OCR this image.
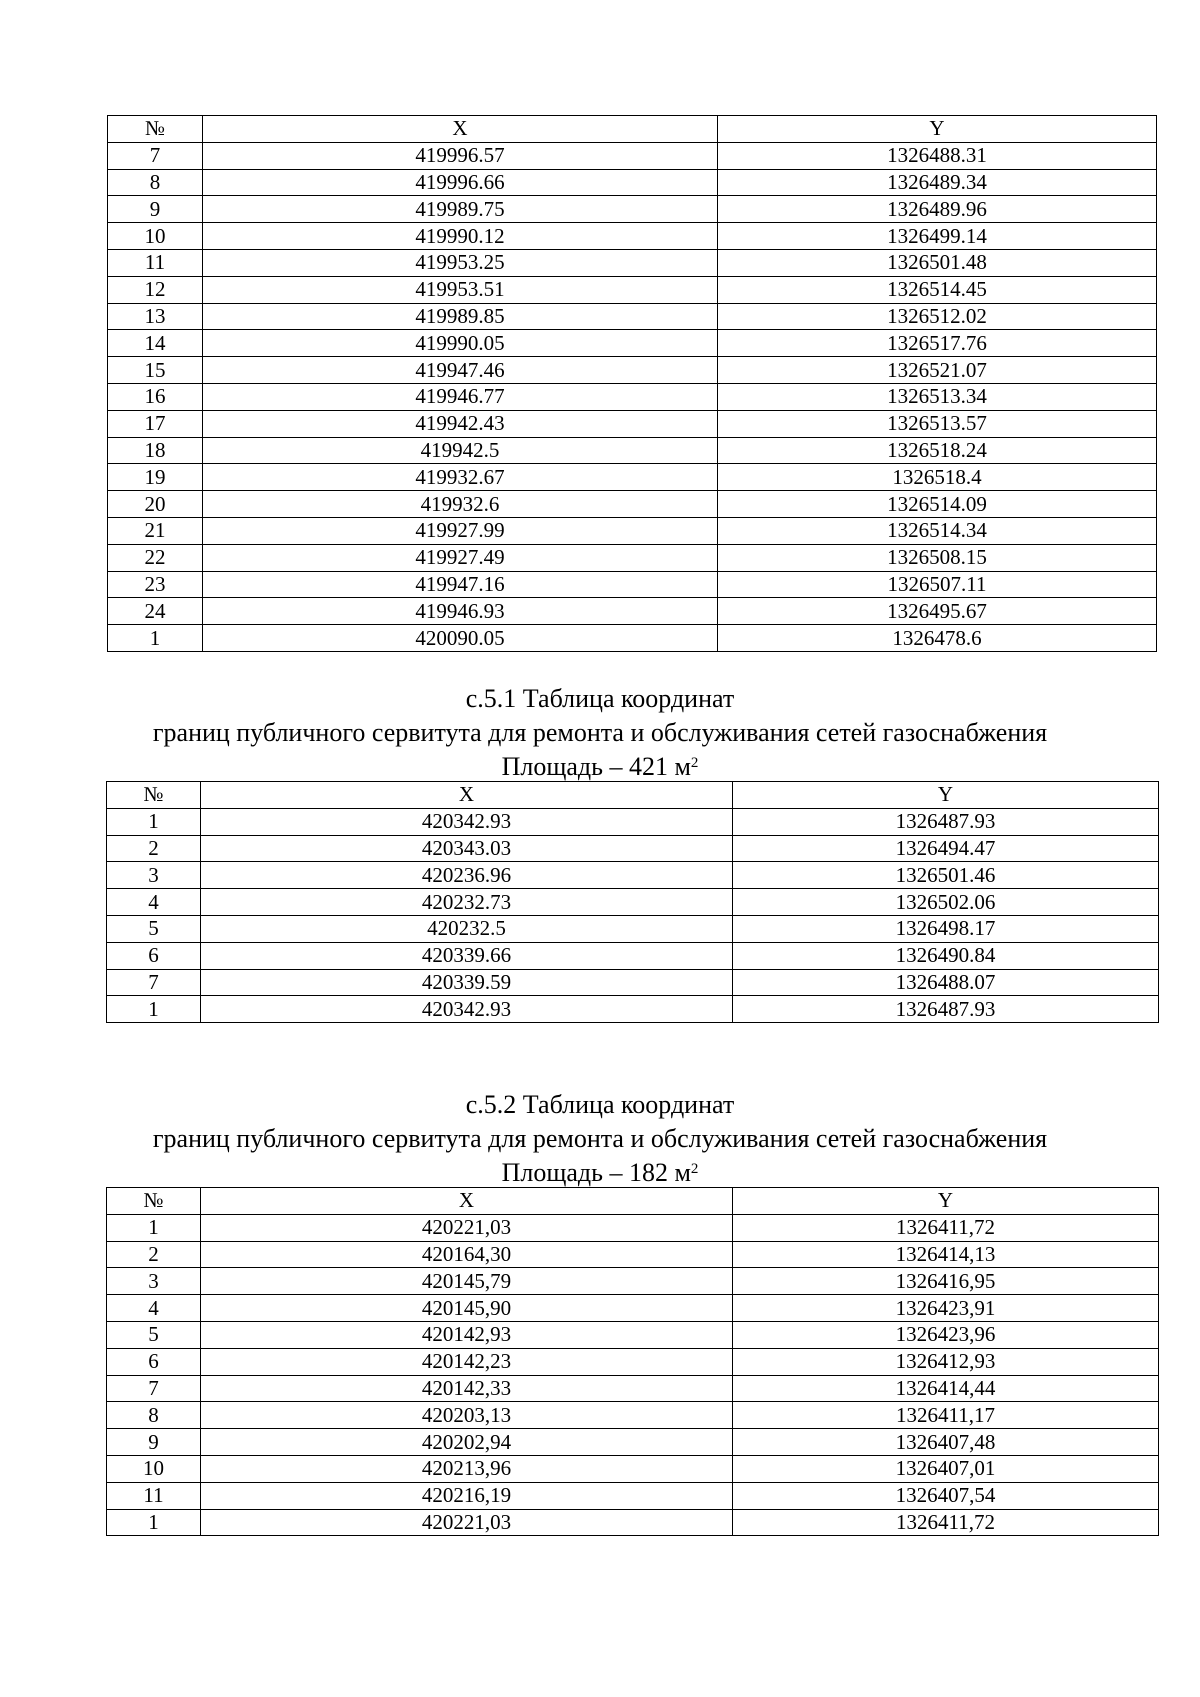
№	X	Y
7	419996.57	1326488.31
8	419996.66	1326489.34
9	419989.75	1326489.96
10	419990.12	1326499.14
11	419953.25	1326501.48
12	419953.51	1326514.45
13	419989.85	1326512.02
14	419990.05	1326517.76
15	419947.46	1326521.07
16	419946.77	1326513.34
17	419942.43	1326513.57
18	419942.5	1326518.24
19	419932.67	1326518.4
20	419932.6	1326514.09
21	419927.99	1326514.34
22	419927.49	1326508.15
23	419947.16	1326507.11
24	419946.93	1326495.67
1	420090.05	1326478.6
с.5.1 Таблица координат
границ публичного сервитута для ремонта и обслуживания сетей газоснабжения
Площадь – 421 $м^2$
№	X	Y
1	420342.93	1326487.93
2	420343.03	1326494.47
3	420236.96	1326501.46
4	420232.73	1326502.06
5	420232.5	1326498.17
6	420339.66	1326490.84
7	420339.59	1326488.07
1	420342.93	1326487.93
с.5.2 Таблица координат
границ публичного сервитута для ремонта и обслуживания сетей газоснабжения
Площадь – 182 $м^2$
№	X	Y
1	420221,03	1326411,72
2	420164,30	1326414,13
3	420145,79	1326416,95
4	420145,90	1326423,91
5	420142,93	1326423,96
6	420142,23	1326412,93
7	420142,33	1326414,44
8	420203,13	1326411,17
9	420202,94	1326407,48
10	420213,96	1326407,01
11	420216,19	1326407,54
1	420221,03	1326411,72
